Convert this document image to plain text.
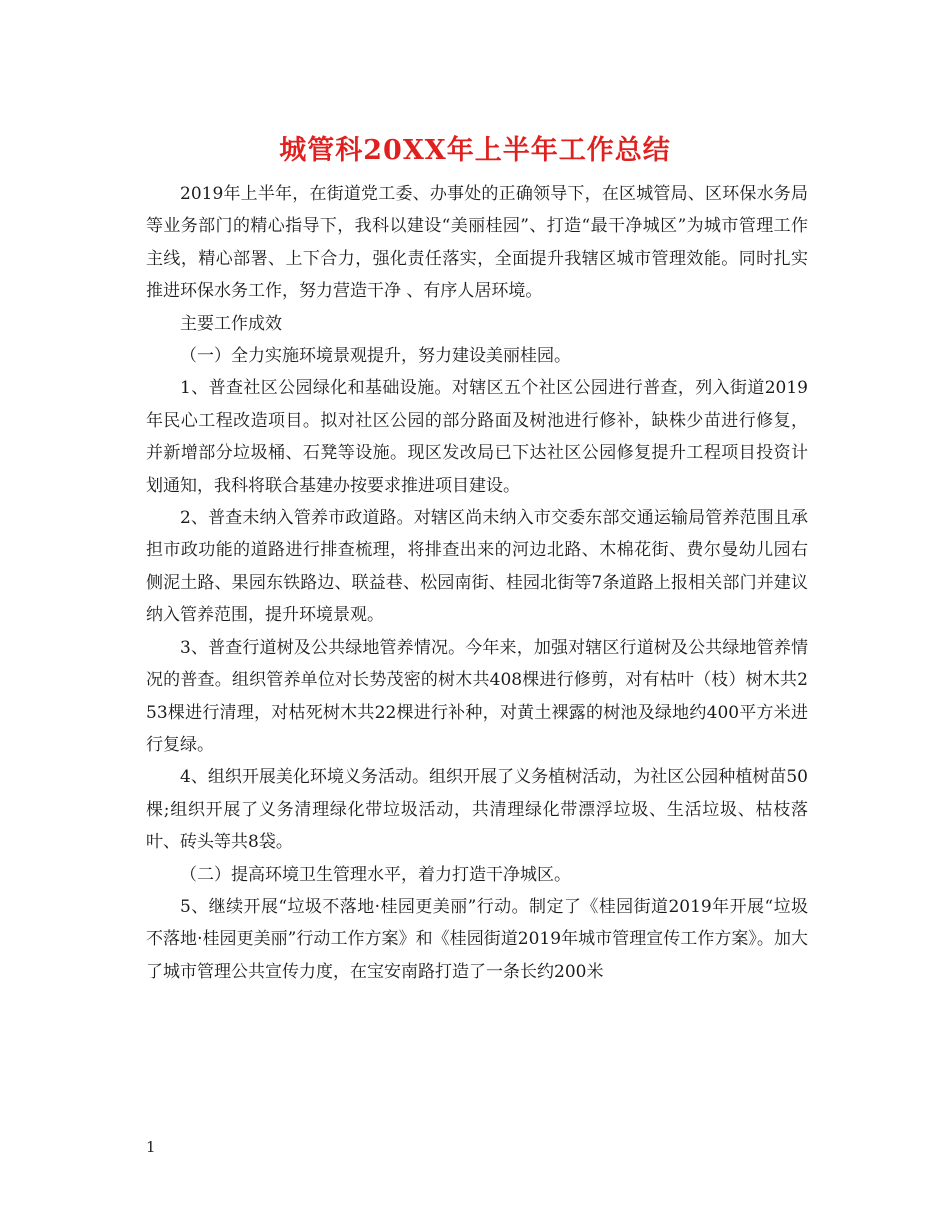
城管科20XX年上半年工作总结

2019年上半年，在街道党工委、办事处的正确领导下，在区城管局、区环保水务局等业务部门的精心指导下，我科以建设“美丽桂园”、打造“最干净城区”为城市管理工作主线，精心部署、上下合力，强化责任落实，全面提升我辖区城市管理效能。同时扎实推进环保水务工作，努力营造干净 、有序人居环境。

主要工作成效

（一）全力实施环境景观提升，努力建设美丽桂园。

1、普查社区公园绿化和基础设施。对辖区五个社区公园进行普查，列入街道2019年民心工程改造项目。拟对社区公园的部分路面及树池进行修补，缺株少苗进行修复，并新增部分垃圾桶、石凳等设施。现区发改局已下达社区公园修复提升工程项目投资计划通知，我科将联合基建办按要求推进项目建设。

2、普查未纳入管养市政道路。对辖区尚未纳入市交委东部交通运输局管养范围且承担市政功能的道路进行排查梳理，将排查出来的河边北路、木棉花街、费尔曼幼儿园右侧泥土路、果园东铁路边、联益巷、松园南街、桂园北街等7条道路上报相关部门并建议纳入管养范围，提升环境景观。

3、普查行道树及公共绿地管养情况。今年来，加强对辖区行道树及公共绿地管养情况的普查。组织管养单位对长势茂密的树木共408棵进行修剪，对有枯叶（枝）树木共253棵进行清理，对枯死树木共22棵进行补种，对黄土裸露的树池及绿地约400平方米进行复绿。

4、组织开展美化环境义务活动。组织开展了义务植树活动，为社区公园种植树苗50棵;组织开展了义务清理绿化带垃圾活动，共清理绿化带漂浮垃圾、生活垃圾、枯枝落叶、砖头等共8袋。

（二）提高环境卫生管理水平，着力打造干净城区。

5、继续开展“垃圾不落地·桂园更美丽”行动。制定了《桂园街道2019年开展“垃圾不落地·桂园更美丽”行动工作方案》和《桂园街道2019年城市管理宣传工作方案》。加大了城市管理公共宣传力度，在宝安南路打造了一条长约200米

1
